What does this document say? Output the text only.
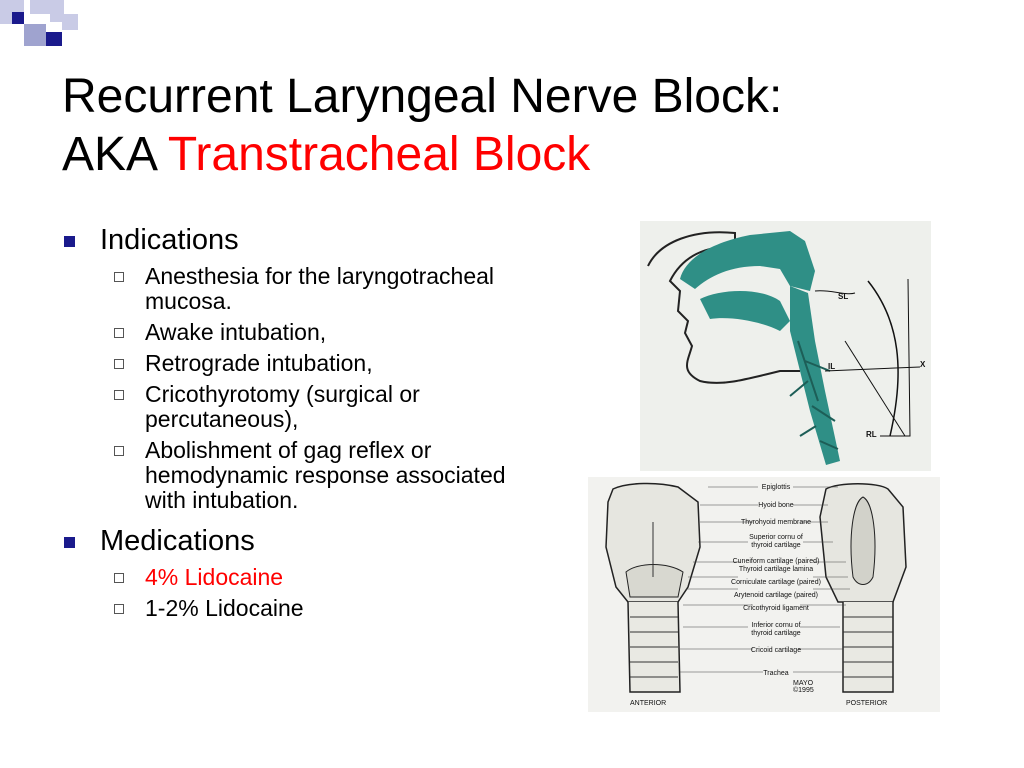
Recurrent Laryngeal Nerve Block:
AKA Transtracheal Block
Indications
Anesthesia for the laryngotracheal mucosa.
Awake intubation,
Retrograde intubation,
Cricothyrotomy (surgical or percutaneous),
Abolishment of gag reflex or hemodynamic response associated with intubation.
Medications
4% Lidocaine
1-2% Lidocaine
SL
IL	X
RL
Epiglottis
Hyoid bone
Thyrohyoid membrane
Superior cornu of
thyroid cartilage
Cuneiform cartilage (paired)
Thyroid cartilage lamina
Corniculate cartilage (paired)
Arytenoid cartilage (paired)
Cricothyroid ligament
Inferior cornu of
thyroid cartilage
Cricoid cartilage
Trachea
MAYO
©1995
ANTERIOR	POSTERIOR
